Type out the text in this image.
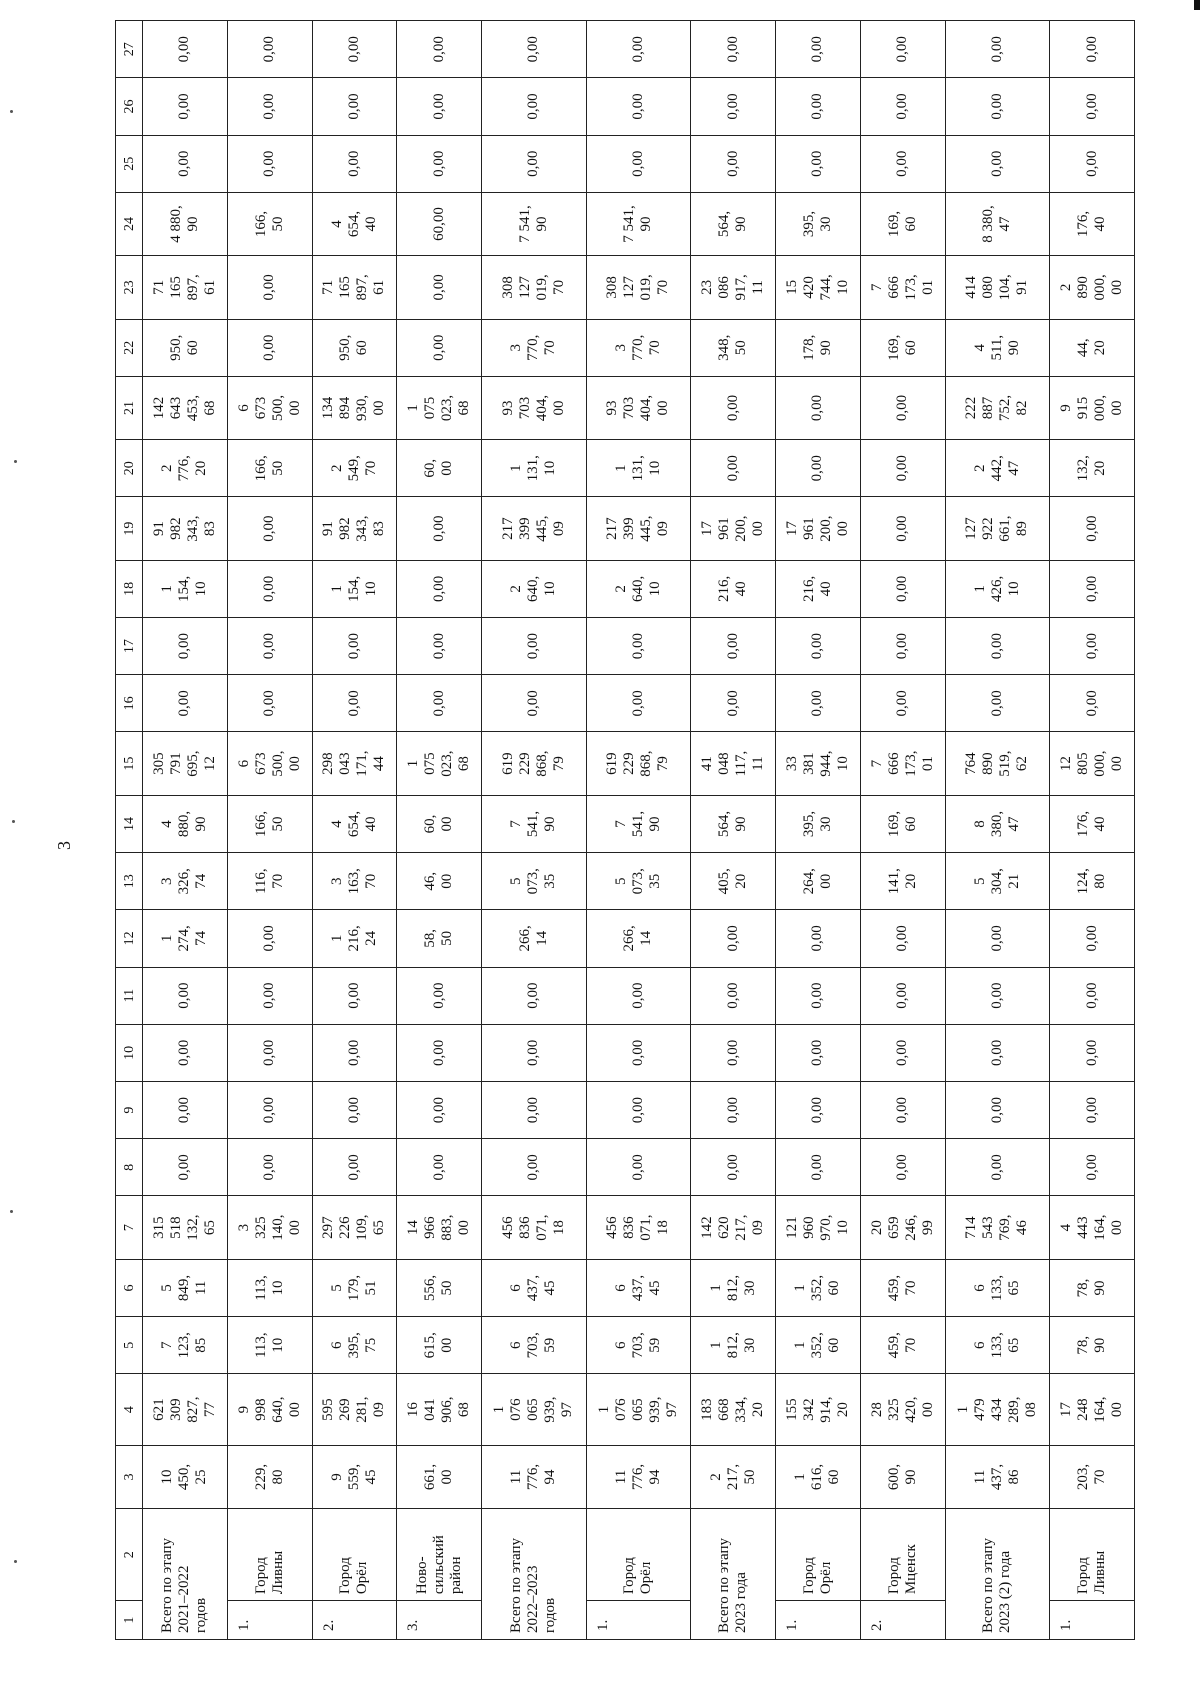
3
1	2	3	4	5	6	7	8	9	10	11	12	13	14	15	16	17	18	19	20	21	22	23	24	25	26	27
Всего по этапу
2021–2022
годов		10
450,
25	621
309
827,
77	7
123,
85	5
849,
11	315
518
132,
65	0,00	0,00	0,00	0,00	1
274,
74	3
326,
74	4
880,
90	305
791
695,
12	0,00	0,00	1
154,
10	91
982
343,
83	2
776,
20	142
643
453,
68	950,
60	71
165
897,
61	4 880,
90	0,00	0,00	0,00
1.	Город
Ливны	229,
80	9
998
640,
00	113,
10	113,
10	3
325
140,
00	0,00	0,00	0,00	0,00	0,00	116,
70	166,
50	6
673
500,
00	0,00	0,00	0,00	0,00	166,
50	6
673
500,
00	0,00	0,00	166,
50	0,00	0,00	0,00
2.	Город
Орёл	9
559,
45	595
269
281,
09	6
395,
75	5
179,
51	297
226
109,
65	0,00	0,00	0,00	0,00	1
216,
24	3
163,
70	4
654,
40	298
043
171,
44	0,00	0,00	1
154,
10	91
982
343,
83	2
549,
70	134
894
930,
00	950,
60	71
165
897,
61	4
654,
40	0,00	0,00	0,00
3.	Ново-
сильский
район	661,
00	16
041
906,
68	615,
00	556,
50	14
966
883,
00	0,00	0,00	0,00	0,00	58,
50	46,
00	60,
00	1
075
023,
68	0,00	0,00	0,00	0,00	60,
00	1
075
023,
68	0,00	0,00	60,00	0,00	0,00	0,00
Всего по этапу
2022–2023
годов		11
776,
94	1
076
065
939,
97	6
703,
59	6
437,
45	456
836
071,
18	0,00	0,00	0,00	0,00	266,
14	5
073,
35	7
541,
90	619
229
868,
79	0,00	0,00	2
640,
10	217
399
445,
09	1
131,
10	93
703
404,
00	3
770,
70	308
127
019,
70	7 541,
90	0,00	0,00	0,00
1.	Город
Орёл	11
776,
94	1
076
065
939,
97	6
703,
59	6
437,
45	456
836
071,
18	0,00	0,00	0,00	0,00	266,
14	5
073,
35	7
541,
90	619
229
868,
79	0,00	0,00	2
640,
10	217
399
445,
09	1
131,
10	93
703
404,
00	3
770,
70	308
127
019,
70	7 541,
90	0,00	0,00	0,00
Всего по этапу
2023 года		2
217,
50	183
668
334,
20	1
812,
30	1
812,
30	142
620
217,
09	0,00	0,00	0,00	0,00	0,00	405,
20	564,
90	41
048
117,
11	0,00	0,00	216,
40	17
961
200,
00	0,00	0,00	348,
50	23
086
917,
11	564,
90	0,00	0,00	0,00
1.	Город
Орёл	1
616,
60	155
342
914,
20	1
352,
60	1
352,
60	121
960
970,
10	0,00	0,00	0,00	0,00	0,00	264,
00	395,
30	33
381
944,
10	0,00	0,00	216,
40	17
961
200,
00	0,00	0,00	178,
90	15
420
744,
10	395,
30	0,00	0,00	0,00
2.	Город
Мценск	600,
90	28
325
420,
00	459,
70	459,
70	20
659
246,
99	0,00	0,00	0,00	0,00	0,00	141,
20	169,
60	7
666
173,
01	0,00	0,00	0,00	0,00	0,00	0,00	169,
60	7
666
173,
01	169,
60	0,00	0,00	0,00
Всего по этапу
2023 (2) года		11
437,
86	1
479
434
289,
08	6
133,
65	6
133,
65	714
543
769,
46	0,00	0,00	0,00	0,00	0,00	5
304,
21	8
380,
47	764
890
519,
62	0,00	0,00	1
426,
10	127
922
661,
89	2
442,
47	222
887
752,
82	4
511,
90	414
080
104,
91	8 380,
47	0,00	0,00	0,00
1.	Город
Ливны	203,
70	17
248
164,
00	78,
90	78,
90	4
443
164,
00	0,00	0,00	0,00	0,00	0,00	124,
80	176,
40	12
805
000,
00	0,00	0,00	0,00	0,00	132,
20	9
915
000,
00	44,
20	2
890
000,
00	176,
40	0,00	0,00	0,00
